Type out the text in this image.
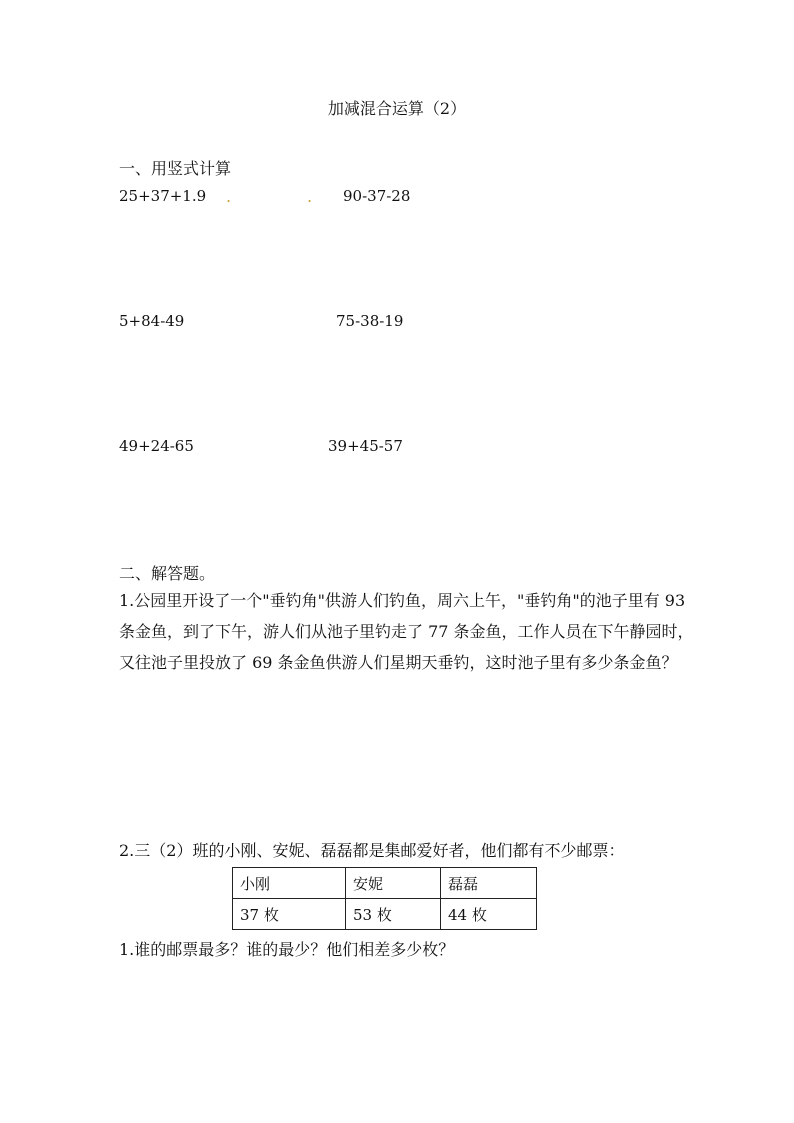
加减混合运算（2）
一、用竖式计算
25+37+1.9 .	. 90-37-28
5+84-49	75-38-19
49+24-65	39+45-57
二、解答题。
1.公园里开设了一个"垂钓角"供游人们钓鱼，周六上午，"垂钓角"的池子里有 93
条金鱼，到了下午，游人们从池子里钓走了 77 条金鱼，工作人员在下午静园时，
又往池子里投放了 69 条金鱼供游人们星期天垂钓，这时池子里有多少条金鱼？
2.三（2）班的小刚、安妮、磊磊都是集邮爱好者，他们都有不少邮票：
小刚	安妮	磊磊
37 枚	53 枚	44 枚
1.谁的邮票最多？谁的最少？他们相差多少枚？
